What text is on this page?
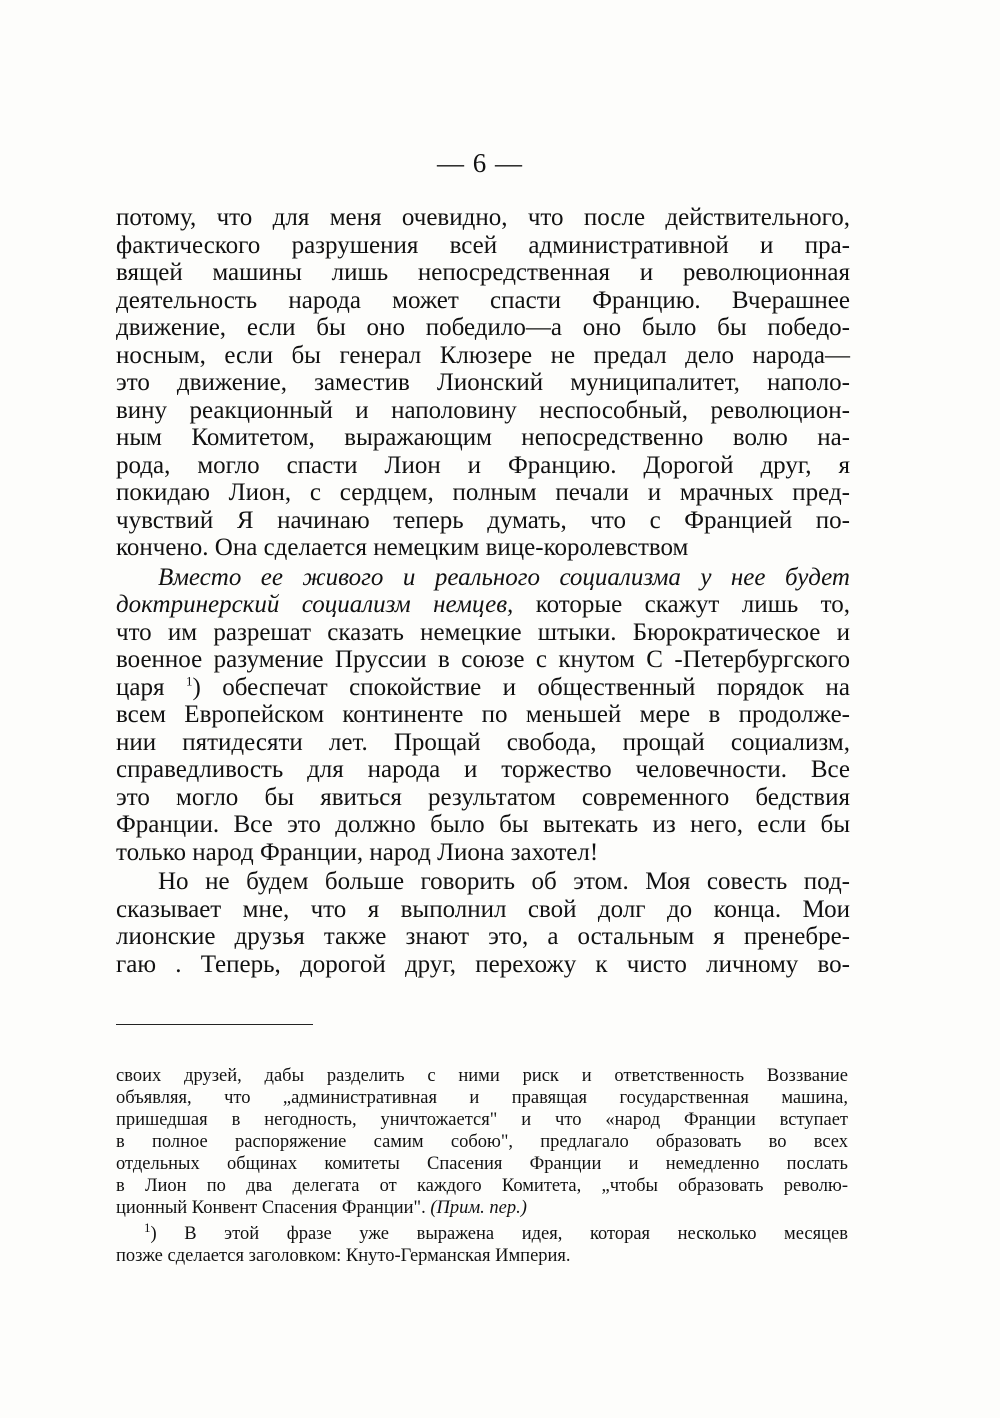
— 6 —
потому, что для меня очевидно, что после действительного,
фактического разрушения всей административной и пра-
вящей машины лишь непосредственная и революционная
деятельность народа может спасти Францию. Вчерашнее
движение, если бы оно победило—а оно было бы победо-
носным, если бы генерал Клюзере не предал дело народа—
это движение, заместив Лионский муниципалитет, наполо-
вину реакционный и наполовину неспособный, революцион-
ным Комитетом, выражающим непосредственно волю на-
рода, могло спасти Лион и Францию. Дорогой друг, я
покидаю Лион, с сердцем, полным печали и мрачных пред-
чувствий Я начинаю теперь думать, что с Францией по-
кончено. Она сделается немецким вице-королевством
Вместо ее живого и реального социализма у нее будет
доктринерский социализм немцев, которые скажут лишь то,
что им разрешат сказать немецкие штыки. Бюрократическое и
военное разумение Пруссии в союзе с кнутом С -Петербургского
царя $^1$) обеспечат спокойствие и общественный порядок на
всем Европейском континенте по меньшей мере в продолже-
нии пятидесяти лет. Прощай свобода, прощай социализм,
справедливость для народа и торжество человечности. Все
это могло бы явиться результатом современного бедствия
Франции. Все это должно было бы вытекать из него, если бы
только народ Франции, народ Лиона захотел!
Но не будем больше говорить об этом. Моя совесть под-
сказывает мне, что я выполнил свой долг до конца. Мои
лионские друзья также знают это, а остальным я пренебре-
гаю . Теперь, дорогой друг, перехожу к чисто личному во-
своих друзей, дабы разделить с ними риск и ответственность Воззвание
объявляя, что „административная и правящая государственная машина,
пришедшая в негодность, уничтожается" и что «народ Франции вступает
в полное распоряжение самим собою", предлагало образовать во всех
отдельных общинах комитеты Спасения Франции и немедленно послать
в Лион по два делегата от каждого Комитета, „чтобы образовать револю-
ционный Конвент Спасения Франции". (Прим. пер.)
$^1$) В этой фразе уже выражена идея, которая несколько месяцев
позже сделается заголовком: Кнуто-Германская Империя.
